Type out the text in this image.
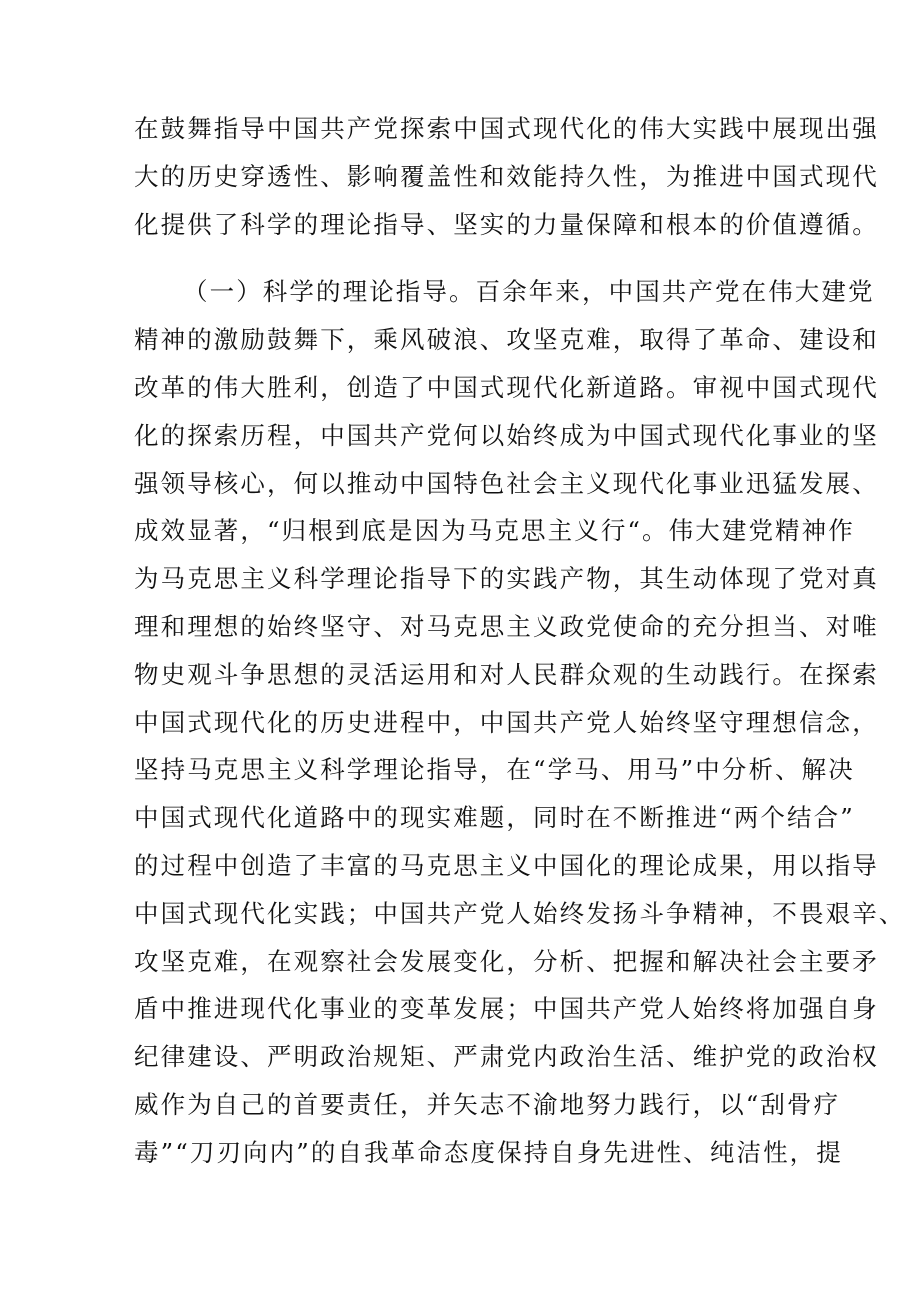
在鼓舞指导中国共产党探索中国式现代化的伟大实践中展现出强
大的历史穿透性、影响覆盖性和效能持久性，为推进中国式现代
化提供了科学的理论指导、坚实的力量保障和根本的价值遵循。
（一）科学的理论指导。百余年来，中国共产党在伟大建党
精神的激励鼓舞下，乘风破浪、攻坚克难，取得了革命、建设和
改革的伟大胜利，创造了中国式现代化新道路。审视中国式现代
化的探索历程，中国共产党何以始终成为中国式现代化事业的坚
强领导核心，何以推动中国特色社会主义现代化事业迅猛发展、
成效显著，“归根到底是因为马克思主义行“。伟大建党精神作
为马克思主义科学理论指导下的实践产物，其生动体现了党对真
理和理想的始终坚守、对马克思主义政党使命的充分担当、对唯
物史观斗争思想的灵活运用和对人民群众观的生动践行。在探索
中国式现代化的历史进程中，中国共产党人始终坚守理想信念，
坚持马克思主义科学理论指导，在“学马、用马”中分析、解决
中国式现代化道路中的现实难题，同时在不断推进“两个结合”
的过程中创造了丰富的马克思主义中国化的理论成果，用以指导
中国式现代化实践；中国共产党人始终发扬斗争精神，不畏艰辛、
攻坚克难，在观察社会发展变化，分析、把握和解决社会主要矛
盾中推进现代化事业的变革发展；中国共产党人始终将加强自身
纪律建设、严明政治规矩、严肃党内政治生活、维护党的政治权
威作为自己的首要责任，并矢志不渝地努力践行，以“刮骨疗
毒”“刀刃向内”的自我革命态度保持自身先进性、纯洁性，提
